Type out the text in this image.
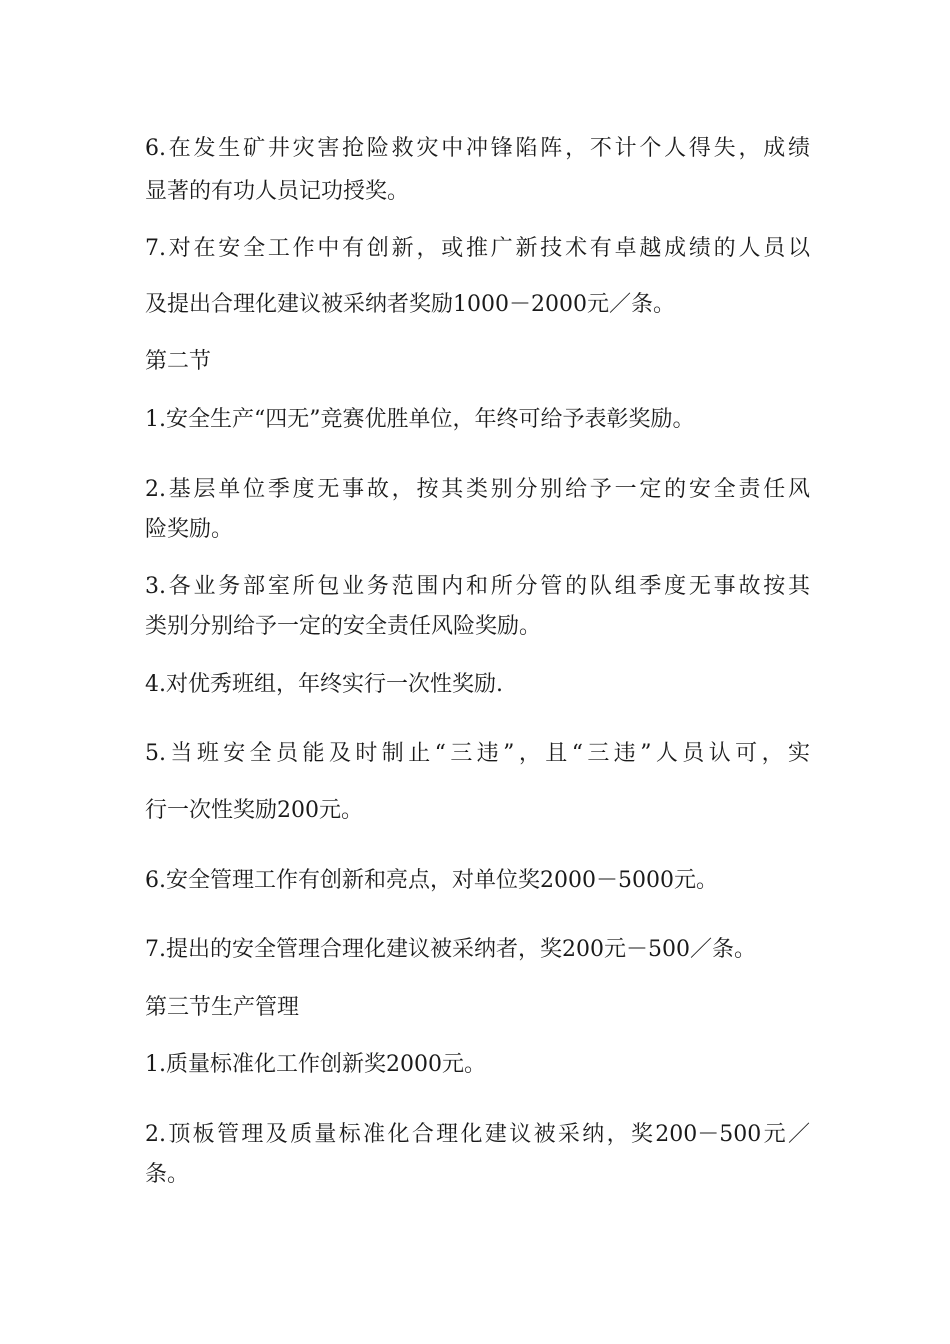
6.在发生矿井灾害抢险救灾中冲锋陷阵，不计个人得失，成绩
显著的有功人员记功授奖。
7.对在安全工作中有创新，或推广新技术有卓越成绩的人员以
及提出合理化建议被采纳者奖励1000－2000元／条。
第二节
1.安全生产“四无”竞赛优胜单位，年终可给予表彰奖励。
2.基层单位季度无事故，按其类别分别给予一定的安全责任风
险奖励。
3.各业务部室所包业务范围内和所分管的队组季度无事故按其
类别分别给予一定的安全责任风险奖励。
4.对优秀班组，年终实行一次性奖励.
5.当班安全员能及时制止“三违”，且“三违”人员认可，实
行一次性奖励200元。
6.安全管理工作有创新和亮点，对单位奖2000－5000元。
7.提出的安全管理合理化建议被采纳者，奖200元－500／条。
第三节生产管理
1.质量标准化工作创新奖2000元。
2.顶板管理及质量标准化合理化建议被采纳，奖200－500元／
条。
